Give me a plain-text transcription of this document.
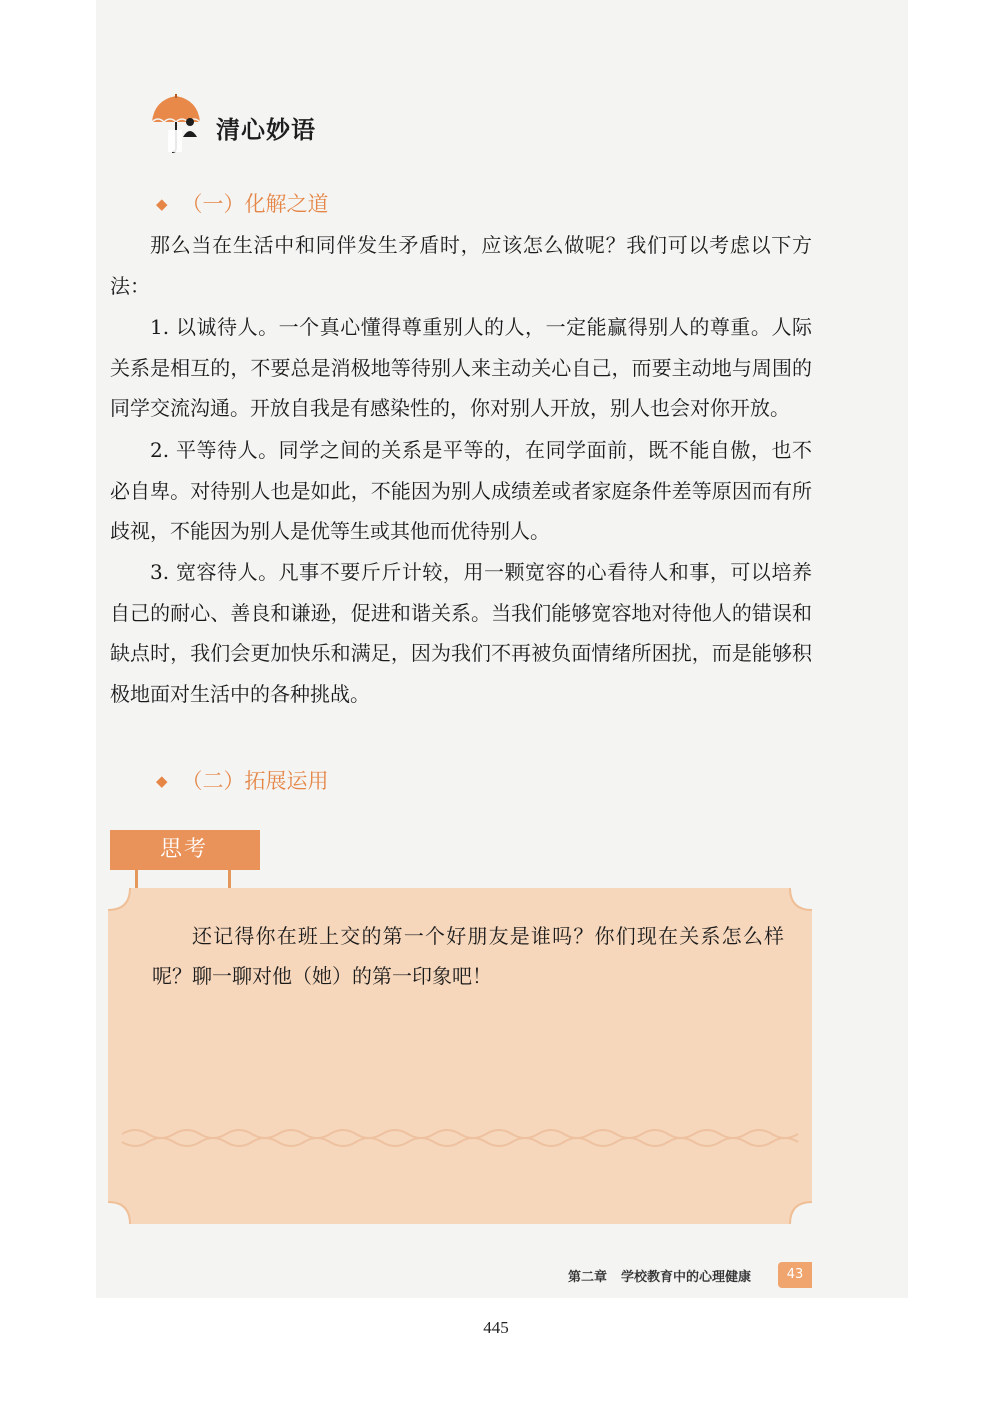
清心妙语
◆ （一）化解之道

那么当在生活中和同伴发生矛盾时，应该怎么做呢？我们可以考虑以下方法：

1. 以诚待人。一个真心懂得尊重别人的人，一定能赢得别人的尊重。人际关系是相互的，不要总是消极地等待别人来主动关心自己，而要主动地与周围的同学交流沟通。开放自我是有感染性的，你对别人开放，别人也会对你开放。

2. 平等待人。同学之间的关系是平等的，在同学面前，既不能自傲，也不必自卑。对待别人也是如此，不能因为别人成绩差或者家庭条件差等原因而有所歧视，不能因为别人是优等生或其他而优待别人。

3. 宽容待人。凡事不要斤斤计较，用一颗宽容的心看待人和事，可以培养自己的耐心、善良和谦逊，促进和谐关系。当我们能够宽容地对待他人的错误和缺点时，我们会更加快乐和满足，因为我们不再被负面情绪所困扰，而是能够积极地面对生活中的各种挑战。

◆ （二）拓展运用
思考

还记得你在班上交的第一个好朋友是谁吗？你们现在关系怎么样呢？聊一聊对他（她）的第一印象吧！

第二章 学校教育中的心理健康	43
445
